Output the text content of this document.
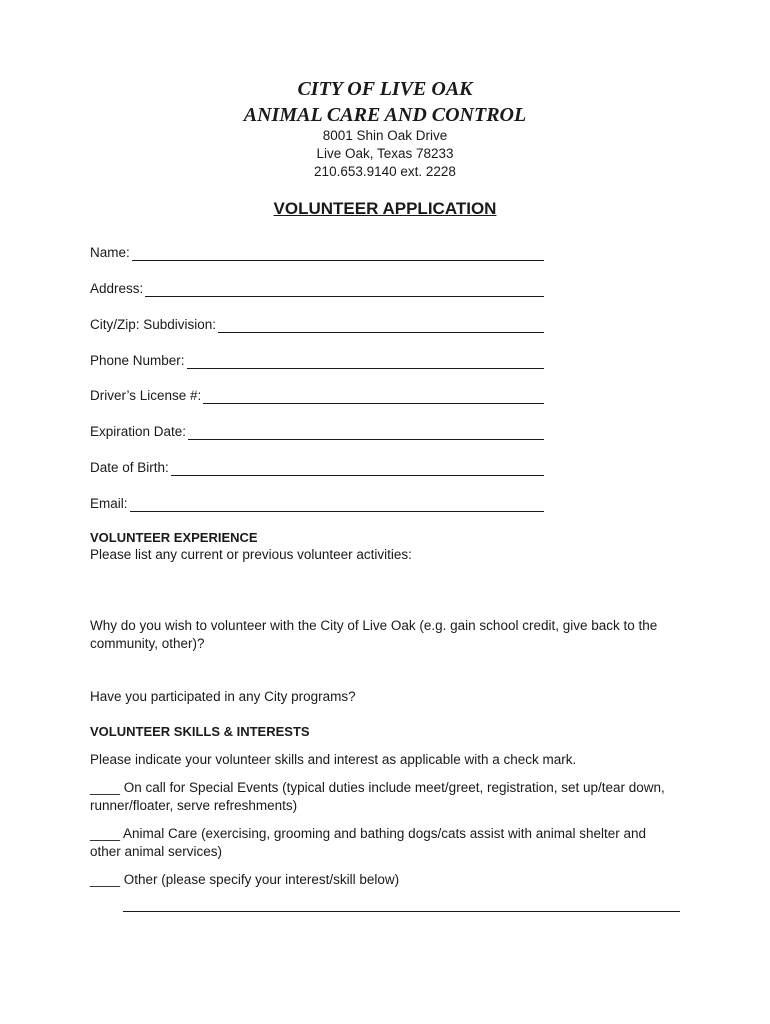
CITY OF LIVE OAK
ANIMAL CARE AND CONTROL
8001 Shin Oak Drive
Live Oak, Texas 78233
210.653.9140 ext. 2228
VOLUNTEER APPLICATION
Name:
Address:
City/Zip: Subdivision:
Phone Number:
Driver’s License #:
Expiration Date:
Date of Birth:
Email:
VOLUNTEER EXPERIENCE
Please list any current or previous volunteer activities:
Why do you wish to volunteer with the City of Live Oak (e.g. gain school credit, give back to the community, other)?
Have you participated in any City programs?
VOLUNTEER SKILLS & INTERESTS
Please indicate your volunteer skills and interest as applicable with a check mark.
____ On call for Special Events (typical duties include meet/greet, registration, set up/tear down, runner/floater, serve refreshments)
____ Animal Care (exercising, grooming and bathing dogs/cats assist with animal shelter and other animal services)
____ Other (please specify your interest/skill below)
